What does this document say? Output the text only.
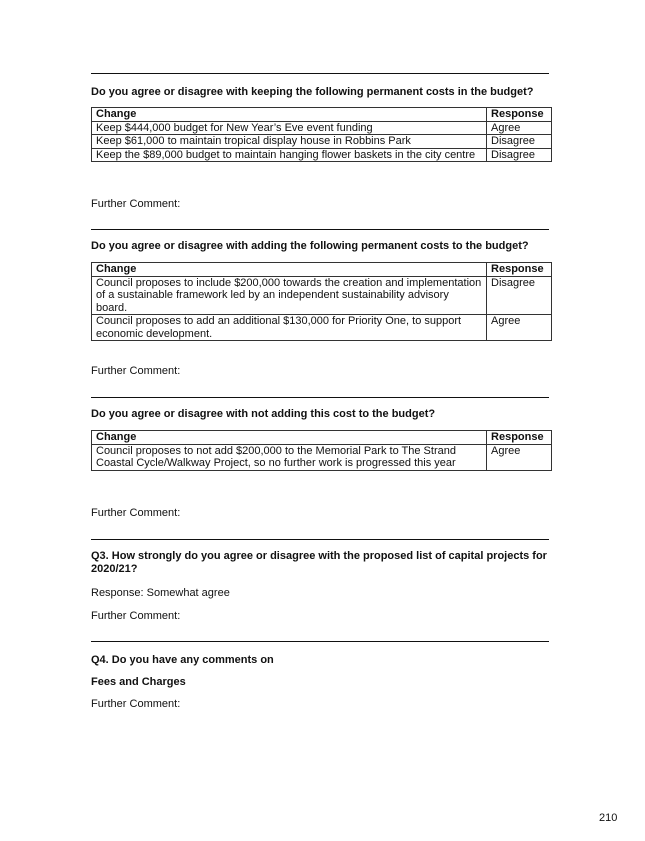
Do you agree or disagree with keeping the following permanent costs in the budget?
Change	Response
Keep $444,000 budget for New Year’s Eve event funding	Agree
Keep $61,000 to maintain tropical display house in Robbins Park	Disagree
Keep the $89,000 budget to maintain hanging flower baskets in the city centre	Disagree
Further Comment:
Do you agree or disagree with adding the following permanent costs to the budget?
Change	Response
Council proposes to include $200,000 towards the creation and implementation of a sustainable framework led by an independent sustainability advisory board.	Disagree
Council proposes to add an additional $130,000 for Priority One, to support economic development.	Agree
Further Comment:
Do you agree or disagree with not adding this cost to the budget?
Change	Response
Council proposes to not add $200,000 to the Memorial Park to The Strand Coastal Cycle/Walkway Project, so no further work is progressed this year	Agree
Further Comment:
Q3. How strongly do you agree or disagree with the proposed list of capital projects for 2020/21?
Response: Somewhat agree
Further Comment:
Q4. Do you have any comments on
Fees and Charges
Further Comment:
210
